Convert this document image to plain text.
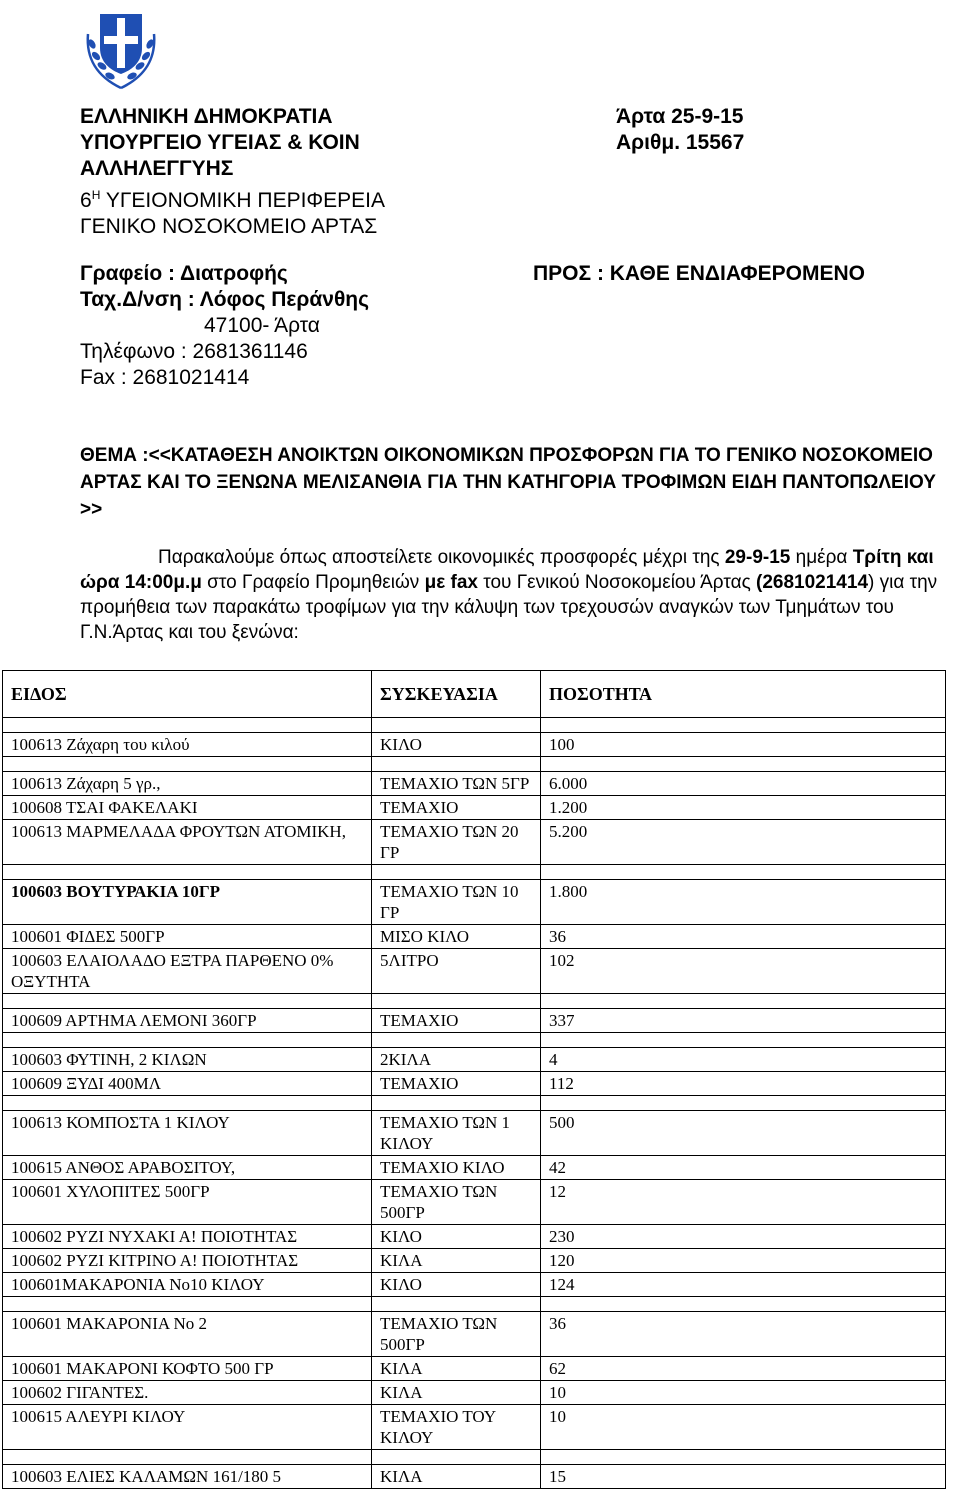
ΕΛΛΗΝΙΚΗ ΔΗΜΟΚΡΑΤΙΑ
ΥΠΟΥΡΓΕΙΟ ΥΓΕΙΑΣ & ΚΟΙΝ
ΑΛΛΗΛΕΓΓΥΗΣ
$6^H$ ΥΓΕΙΟΝΟΜΙΚΗ ΠΕΡΙΦΕΡΕΙΑ
ΓΕΝΙΚΟ ΝΟΣΟΚΟΜΕΙΟ ΑΡΤΑΣ
Άρτα 25-9-15
Αριθμ. 15567
Γραφείο : Διατροφής
Ταχ.Δ/νση : Λόφος Περάνθης
47100- Άρτα
Τηλέφωνο : 2681361146
Fax : 2681021414
ΠΡΟΣ : ΚΑΘΕ ΕΝΔΙΑΦΕΡΟΜΕΝΟ
ΘΕΜΑ :<<ΚΑΤΑΘΕΣΗ ΑΝΟΙΚΤΩΝ ΟΙΚΟΝΟΜΙΚΩΝ ΠΡΟΣΦΟΡΩΝ ΓΙΑ ΤΟ ΓΕΝΙΚΟ ΝΟΣΟΚΟΜΕΙΟ ΑΡΤΑΣ ΚΑΙ ΤΟ ΞΕΝΩΝΑ ΜΕΛΙΣΑΝΘΙΑ ΓΙΑ ΤΗΝ ΚΑΤΗΓΟΡΙΑ ΤΡΟΦΙΜΩΝ ΕΙΔΗ ΠΑΝΤΟΠΩΛΕΙΟΥ >>
Παρακαλούμε όπως αποστείλετε οικονομικές προσφορές μέχρι της 29-9-15 ημέρα Τρίτη και ώρα 14:00μ.μ στο Γραφείο Προμηθειών με fax του Γενικού Νοσοκομείου Άρτας (2681021414) για την προμήθεια των παρακάτω τροφίμων για την κάλυψη των τρεχουσών αναγκών των Τμημάτων του Γ.Ν.Άρτας και του ξενώνα:
ΕΙΔΟΣ	ΣΥΣΚΕΥΑΣΙΑ	ΠΟΣΟΤΗΤΑ

100613 Ζάχαρη του κιλού	ΚΙΛΟ	100

100613 Ζάχαρη 5 γρ.,	ΤΕΜΑΧΙΟ ΤΩΝ 5ΓΡ	6.000
100608 ΤΣΑΙ ΦΑΚΕΛΑΚΙ	ΤΕΜΑΧΙΟ	1.200
100613 ΜΑΡΜΕΛΑΔΑ ΦΡΟΥΤΩΝ ΑΤΟΜΙΚΗ,	ΤΕΜΑΧΙΟ ΤΩΝ 20 ΓΡ	5.200

100603 ΒΟΥΤΥΡΑΚΙΑ 10ΓΡ	ΤΕΜΑΧΙΟ ΤΩΝ 10 ΓΡ	1.800
100601 ΦΙΔΕΣ 500ΓΡ	ΜΙΣΟ ΚΙΛΟ	36
100603 ΕΛΑΙΟΛΑΔΟ ΕΞΤΡΑ ΠΑΡΘΕΝΟ 0% ΟΞΥΤΗΤΑ	5ΛΙΤΡΟ	102

100609 ΑΡΤΗΜΑ ΛΕΜΟΝΙ 360ΓΡ	ΤΕΜΑΧΙΟ	337

100603 ΦΥΤΙΝΗ, 2 ΚΙΛΩΝ	2ΚΙΛΑ	4
100609 ΞΥΔΙ 400ΜΛ	ΤΕΜΑΧΙΟ	112

100613 ΚΟΜΠΟΣΤΑ 1 ΚΙΛΟΥ	ΤΕΜΑΧΙΟ ΤΩΝ 1 ΚΙΛΟΥ	500
100615 ΑΝΘΟΣ ΑΡΑΒΟΣΙΤΟΥ,	ΤΕΜΑΧΙΟ ΚΙΛΟ	42
100601 ΧΥΛΟΠΙΤΕΣ 500ΓΡ	ΤΕΜΑΧΙΟ ΤΩΝ 500ΓΡ	12
100602 ΡΥΖΙ ΝΥΧΑΚΙ Α! ΠΟΙΟΤΗΤΑΣ	ΚΙΛΟ	230
100602 ΡΥΖΙ ΚΙΤΡΙΝΟ Α! ΠΟΙΟΤΗΤΑΣ	ΚΙΛΑ	120
100601ΜΑΚΑΡΟΝΙΑ Νο10 ΚΙΛΟΥ	ΚΙΛΟ	124

100601 ΜΑΚΑΡΟΝΙΑ Νο 2	ΤΕΜΑΧΙΟ ΤΩΝ 500ΓΡ	36
100601 ΜΑΚΑΡΟΝΙ ΚΟΦΤΟ 500 ΓΡ	ΚΙΛΑ	62
100602 ΓΙΓΑΝΤΕΣ.	ΚΙΛΑ	10
100615 ΑΛΕΥΡΙ ΚΙΛΟΥ	ΤΕΜΑΧΙΟ ΤΟΥ ΚΙΛΟΥ	10

100603 ΕΛΙΕΣ ΚΑΛΑΜΩΝ 161/180 5	ΚΙΛΑ	15
